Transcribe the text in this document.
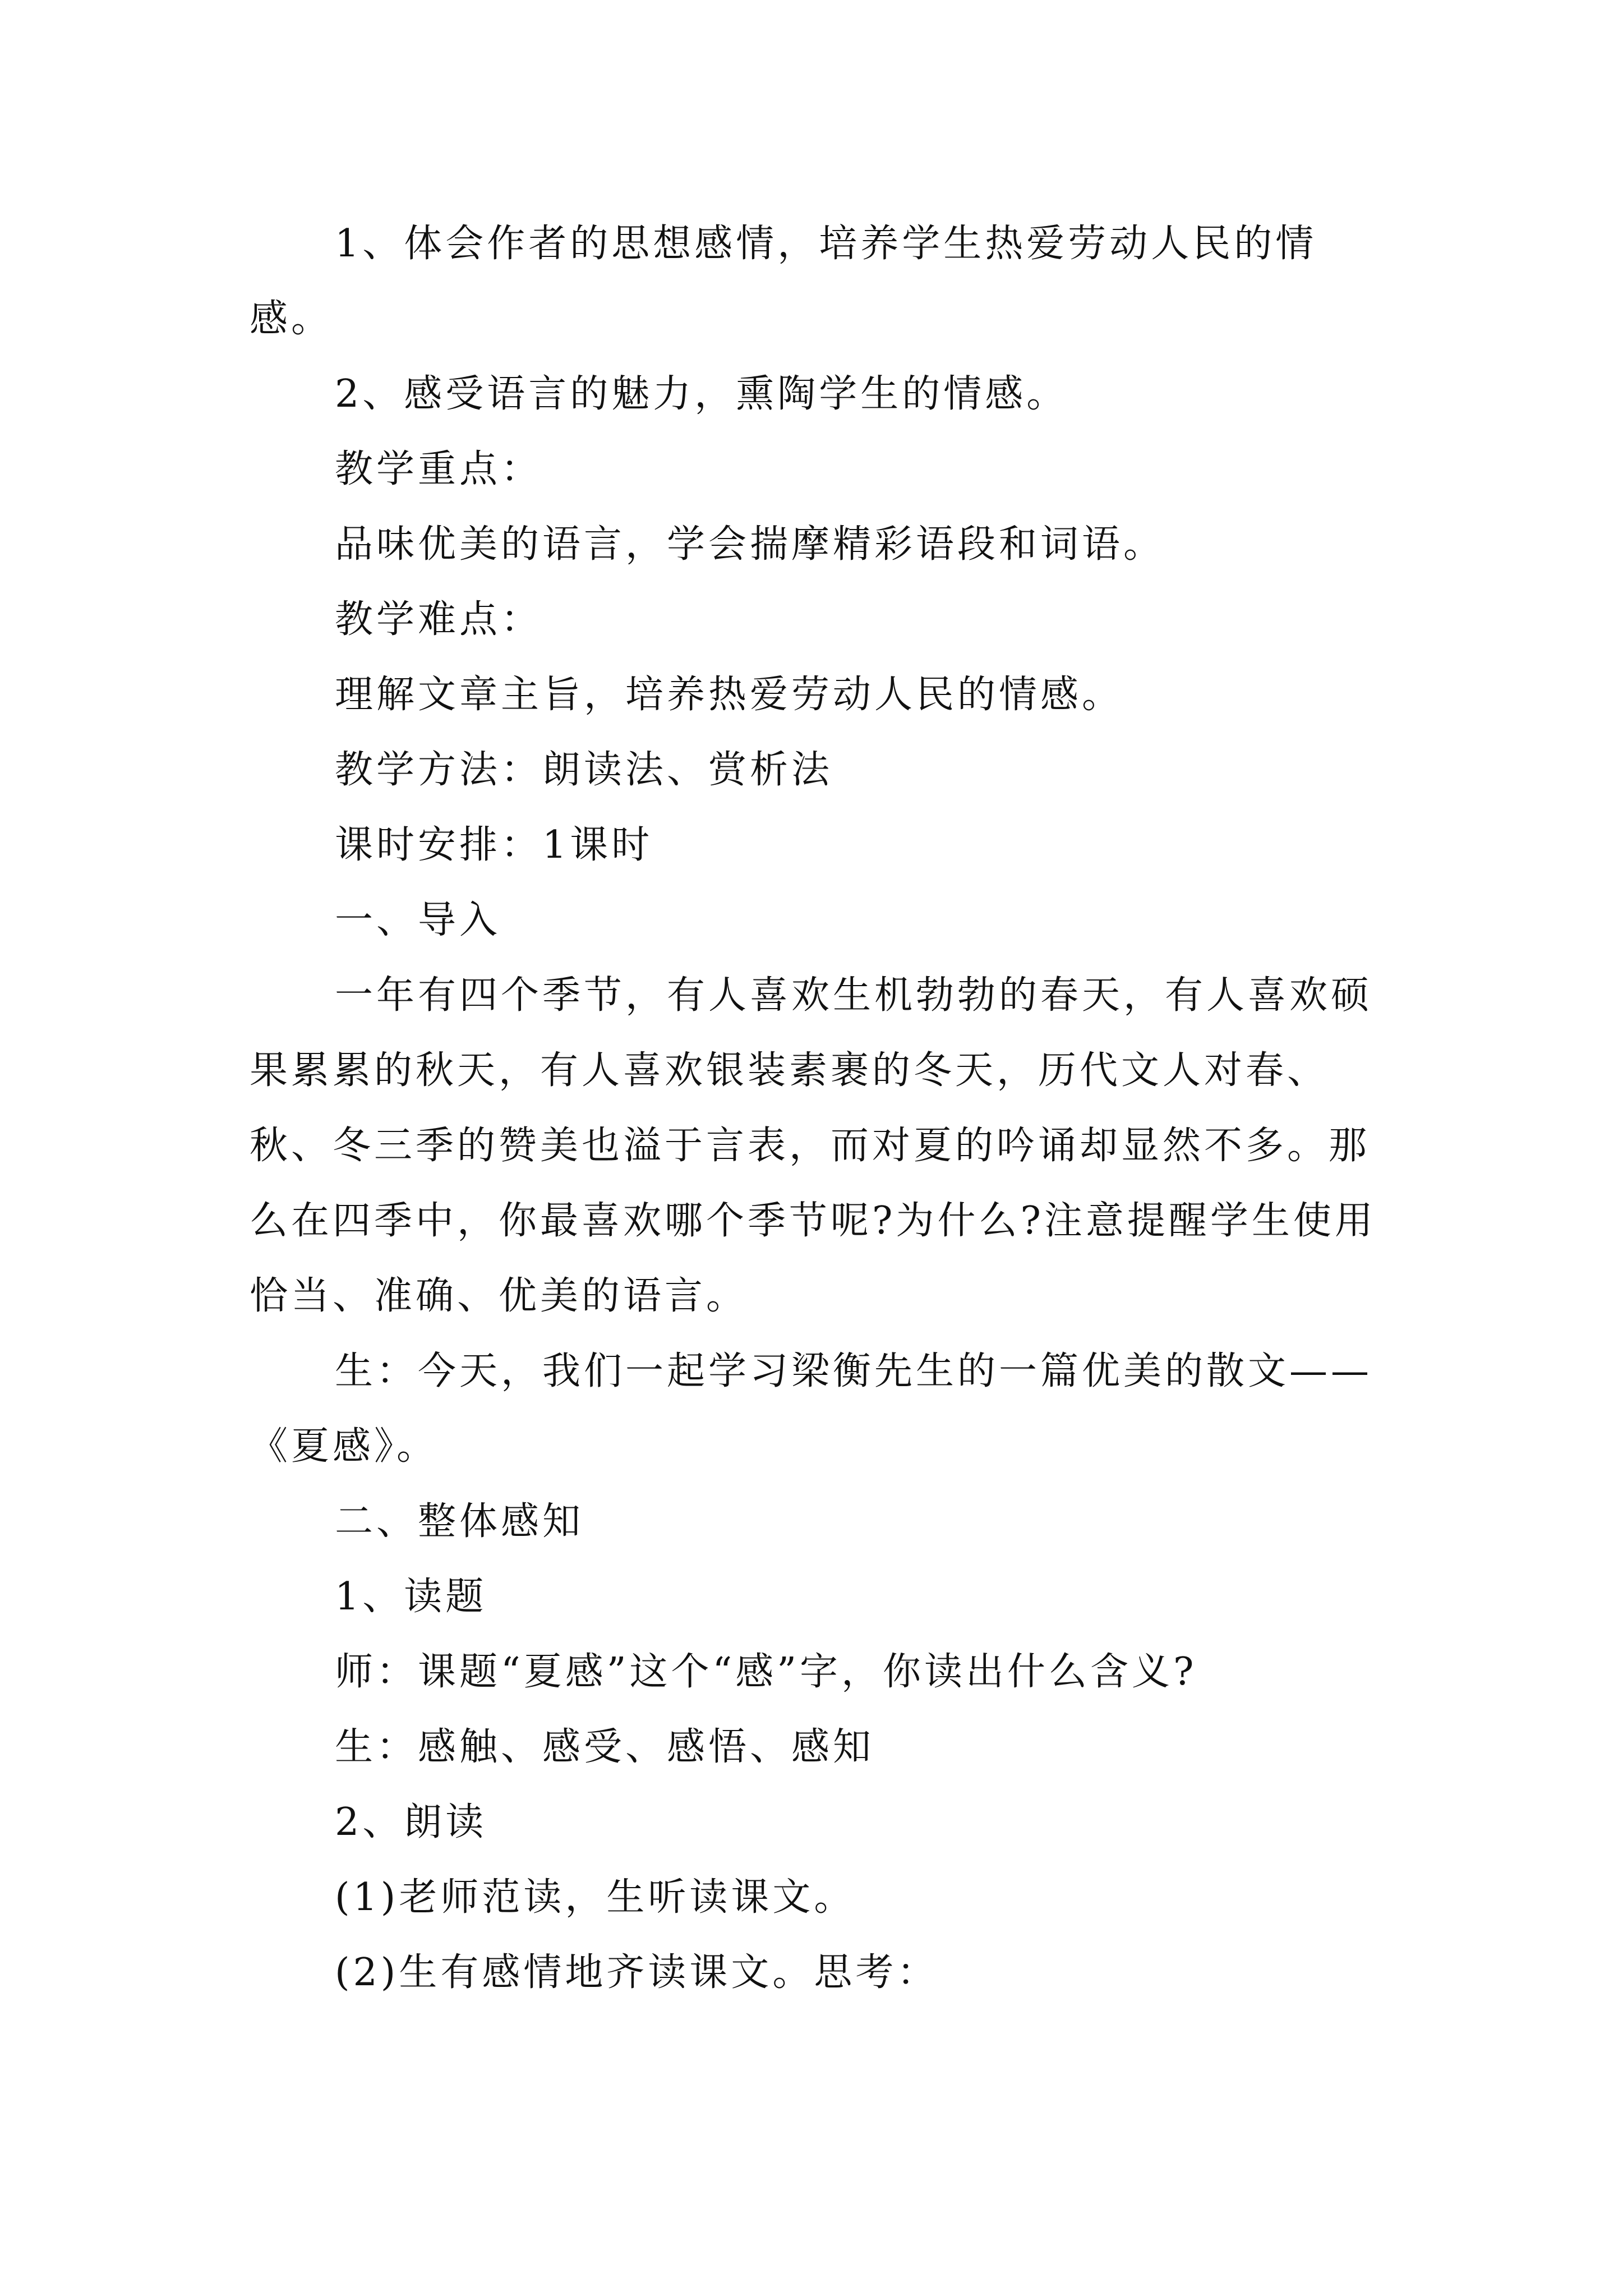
1、体会作者的思想感情，培养学生热爱劳动人民的情感。

2、感受语言的魅力，熏陶学生的情感。

教学重点：

品味优美的语言，学会揣摩精彩语段和词语。

教学难点：

理解文章主旨，培养热爱劳动人民的情感。

教学方法：朗读法、赏析法

课时安排：1课时

一、导入

一年有四个季节，有人喜欢生机勃勃的春天，有人喜欢硕果累累的秋天，有人喜欢银装素裹的冬天，历代文人对春、秋、冬三季的赞美也溢于言表，而对夏的吟诵却显然不多。那么在四季中，你最喜欢哪个季节呢?为什么?注意提醒学生使用恰当、准确、优美的语言。

生：今天，我们一起学习梁衡先生的一篇优美的散文——《夏感》。

二、整体感知

1、读题

师：课题“夏感”这个“感”字，你读出什么含义?

生：感触、感受、感悟、感知

2、朗读

(1)老师范读，生听读课文。

(2)生有感情地齐读课文。思考：
